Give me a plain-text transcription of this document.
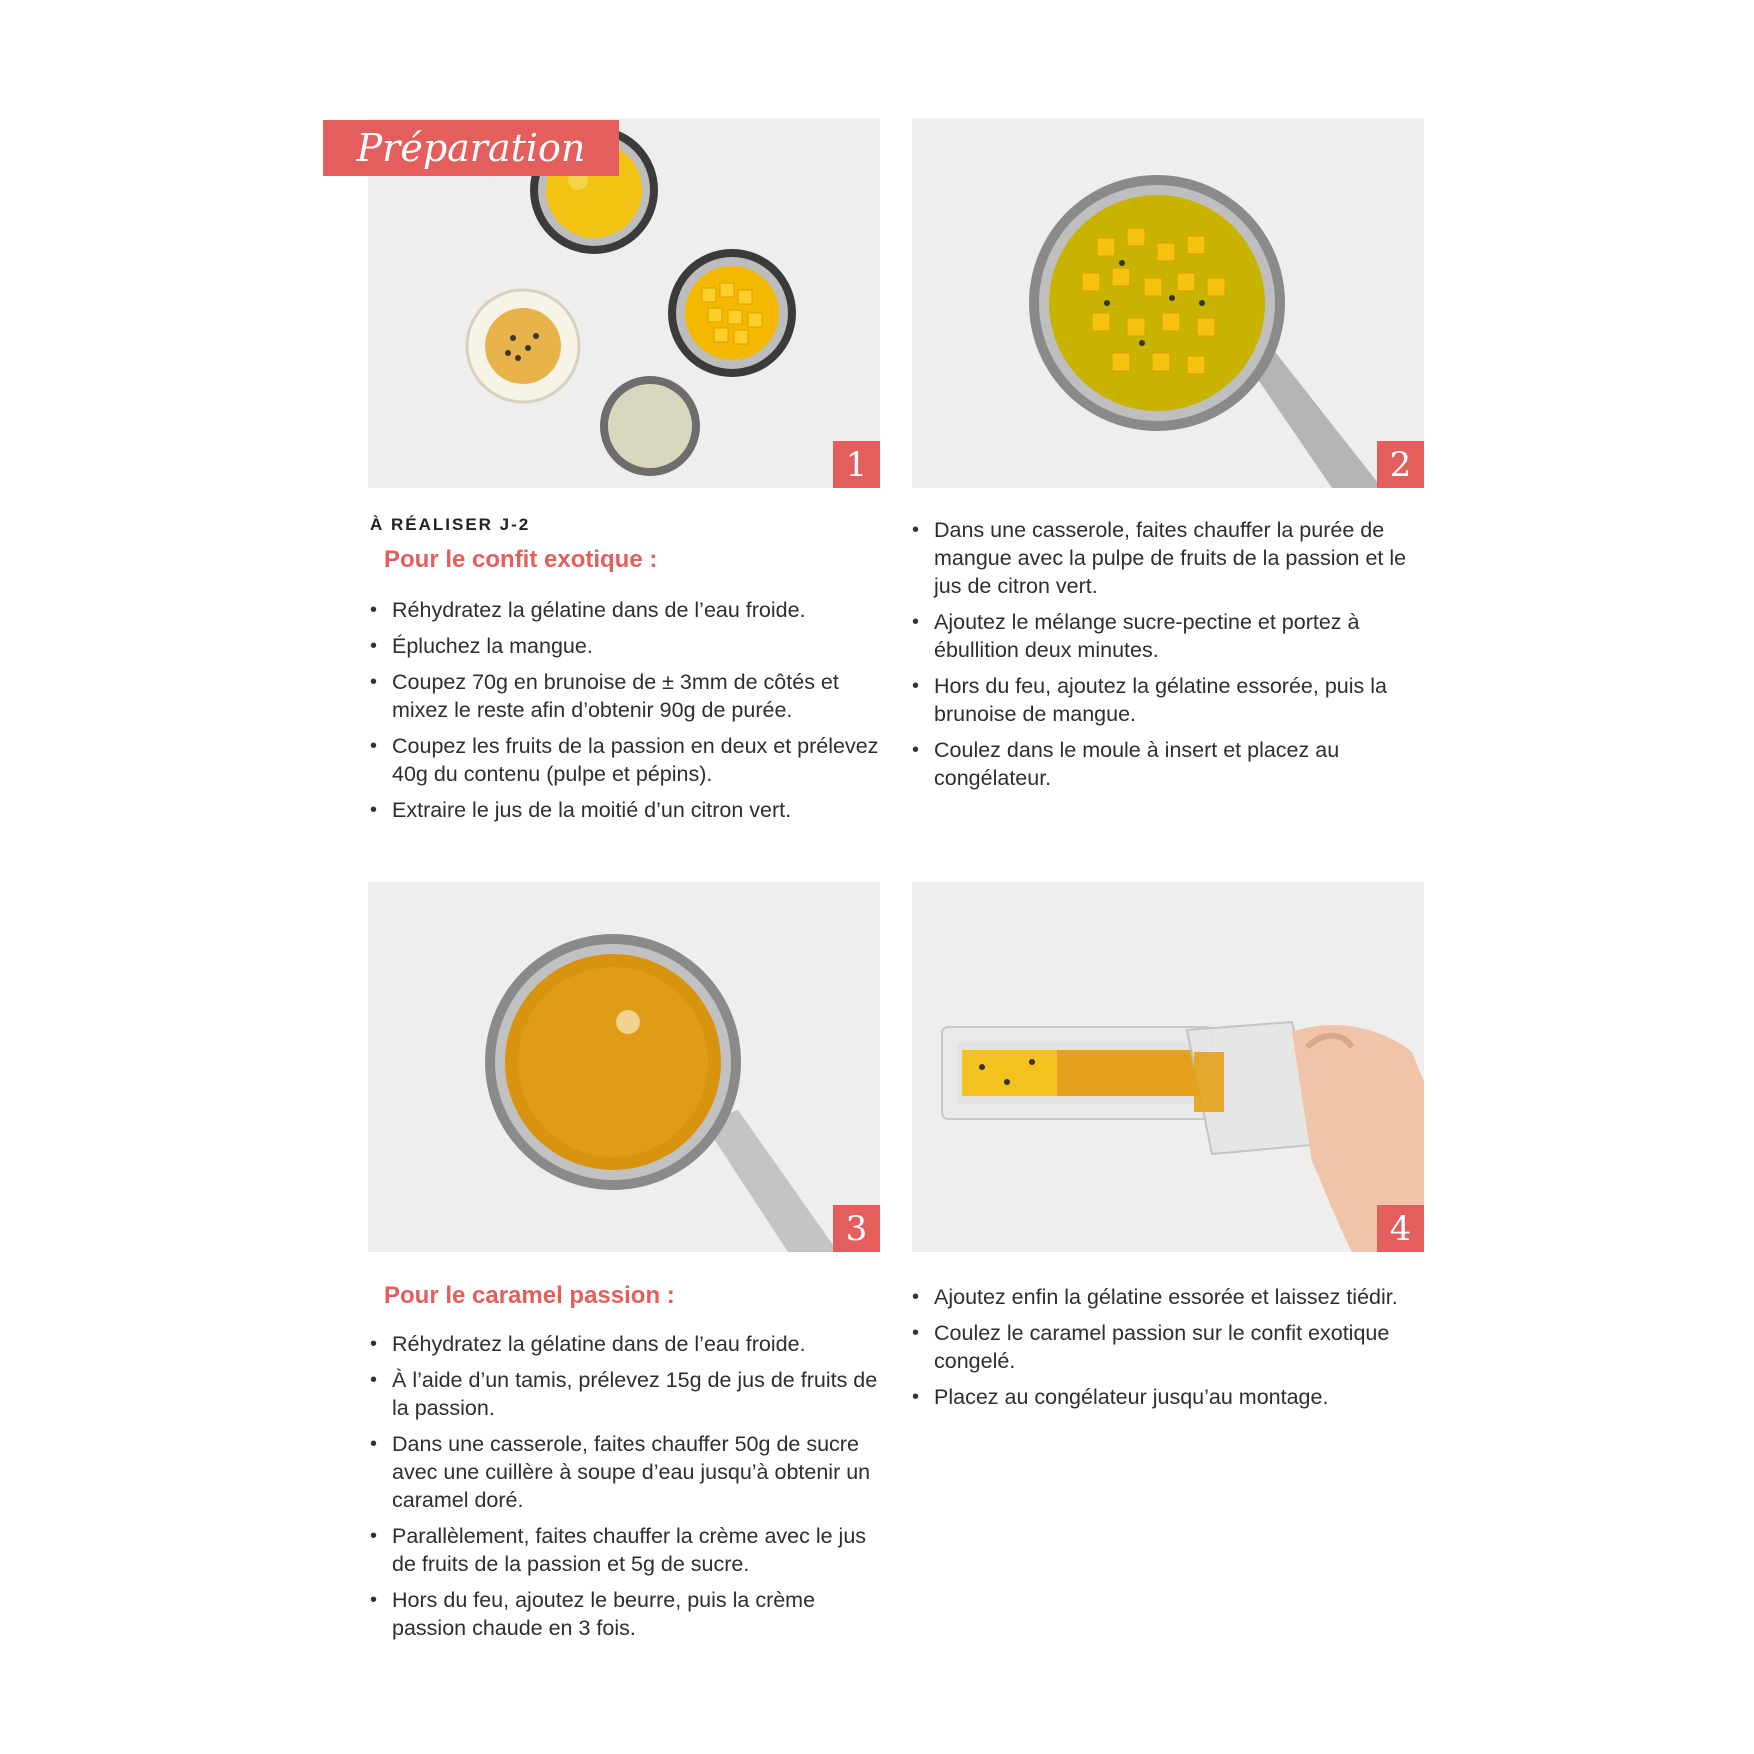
Préparation
1	2
3	4
À RÉALISER J-2
Pour le confit exotique :
• Réhydratez la gélatine dans de l’eau froide.
• Épluchez la mangue.
• Coupez 70g en brunoise de ± 3mm de côtés et mixez le reste afin d’obtenir 90g de purée.
• Coupez les fruits de la passion en deux et prélevez 40g du contenu (pulpe et pépins).
• Extraire le jus de la moitié d’un citron vert.
• Dans une casserole, faites chauffer la purée de mangue avec la pulpe de fruits de la passion et le jus de citron vert.
• Ajoutez le mélange sucre-pectine et portez à ébullition deux minutes.
• Hors du feu, ajoutez la gélatine essorée, puis la brunoise de mangue.
• Coulez dans le moule à insert et placez au congélateur.
Pour le caramel passion :
• Réhydratez la gélatine dans de l’eau froide.
• À l’aide d’un tamis, prélevez 15g de jus de fruits de la passion.
• Dans une casserole, faites chauffer 50g de sucre avec une cuillère à soupe d’eau jusqu’à obtenir un caramel doré.
• Parallèlement, faites chauffer la crème avec le jus de fruits de la passion et 5g de sucre.
• Hors du feu, ajoutez le beurre, puis la crème passion chaude en 3 fois.
• Ajoutez enfin la gélatine essorée et laissez tiédir.
• Coulez le caramel passion sur le confit exotique congelé.
• Placez au congélateur jusqu’au montage.
